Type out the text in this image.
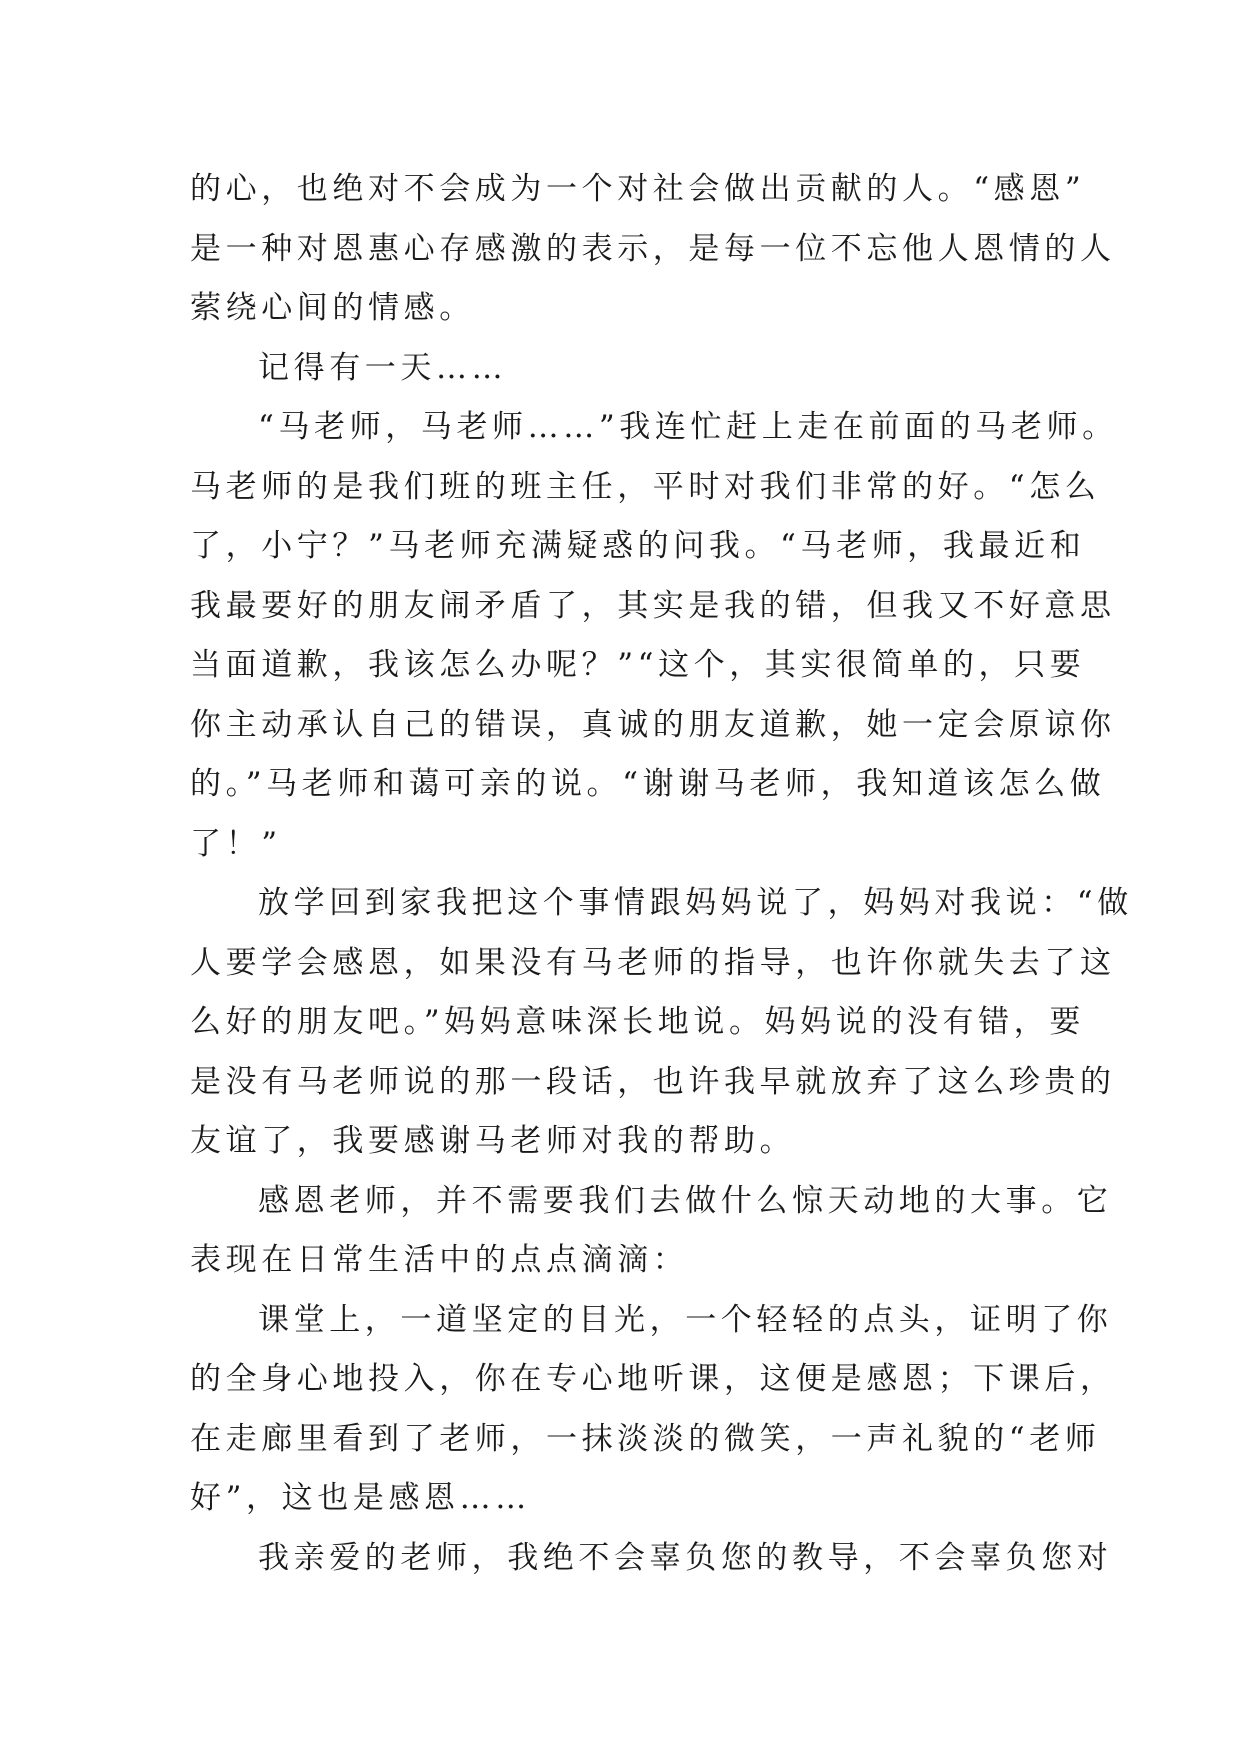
的心，也绝对不会成为一个对社会做出贡献的人。“感恩”
是一种对恩惠心存感激的表示，是每一位不忘他人恩情的人
萦绕心间的情感。
记得有一天……
“马老师，马老师……”我连忙赶上走在前面的马老师。
马老师的是我们班的班主任，平时对我们非常的好。“怎么
了，小宁？”马老师充满疑惑的问我。“马老师，我最近和
我最要好的朋友闹矛盾了，其实是我的错，但我又不好意思
当面道歉，我该怎么办呢？”“这个，其实很简单的，只要
你主动承认自己的错误，真诚的朋友道歉，她一定会原谅你
的。”马老师和蔼可亲的说。“谢谢马老师，我知道该怎么做
了！”
放学回到家我把这个事情跟妈妈说了，妈妈对我说：“做
人要学会感恩，如果没有马老师的指导，也许你就失去了这
么好的朋友吧。”妈妈意味深长地说。妈妈说的没有错，要
是没有马老师说的那一段话，也许我早就放弃了这么珍贵的
友谊了，我要感谢马老师对我的帮助。
感恩老师，并不需要我们去做什么惊天动地的大事。它
表现在日常生活中的点点滴滴：
课堂上，一道坚定的目光，一个轻轻的点头，证明了你
的全身心地投入，你在专心地听课，这便是感恩；下课后，
在走廊里看到了老师，一抹淡淡的微笑，一声礼貌的“老师
好”，这也是感恩……
我亲爱的老师，我绝不会辜负您的教导，不会辜负您对
